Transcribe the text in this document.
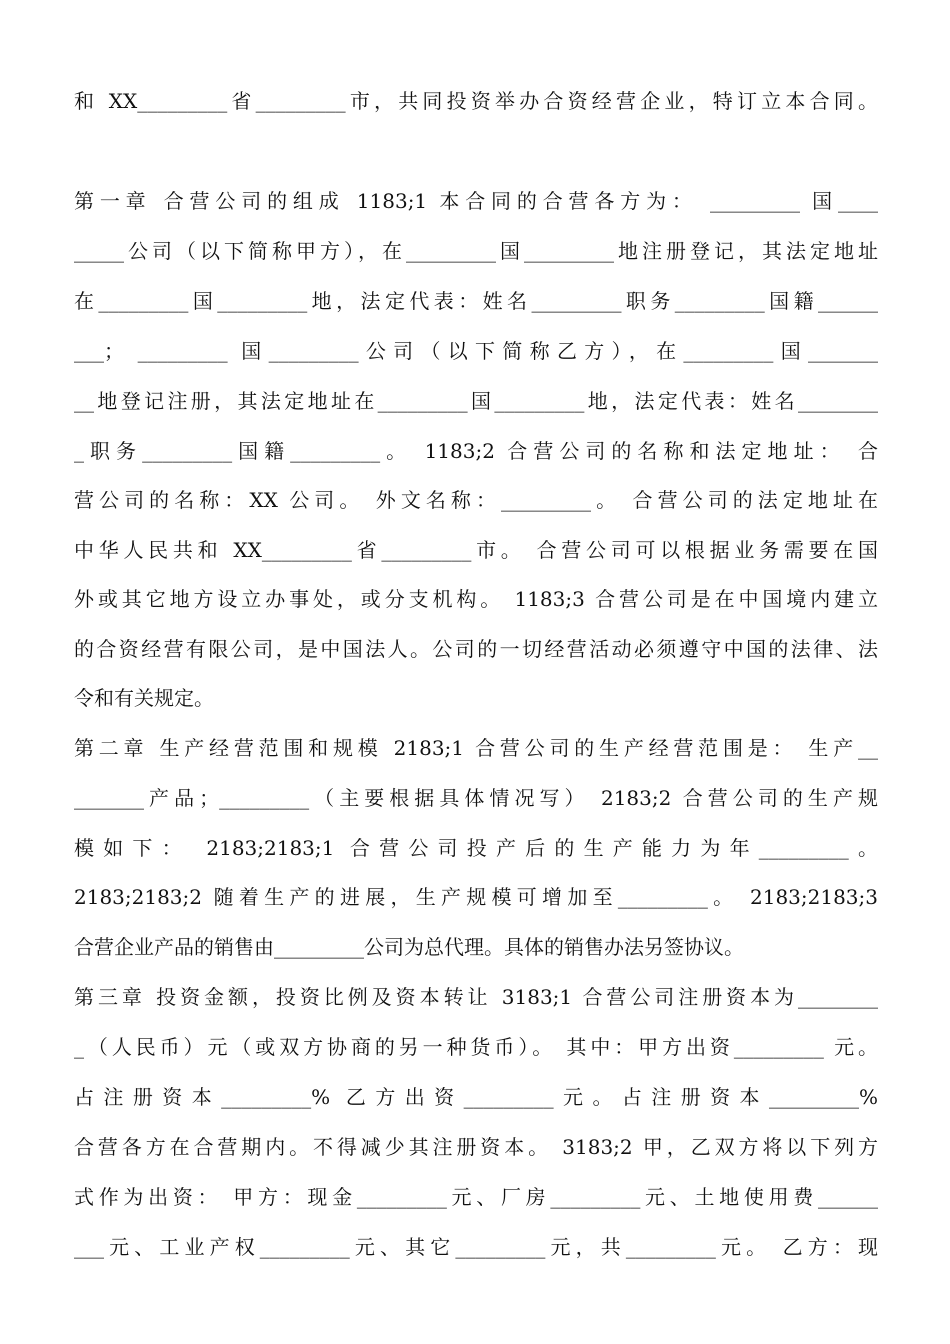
和 XX_________省_________市，共同投资举办合资经营企业，特订立本合同。
第一章 合营公司的组成 1183;1 本合同的合营各方为： _________ 国____
_____公司（以下简称甲方），在_________国_________地注册登记，其法定地址
在_________国_________地，法定代表：姓名_________职务_________国籍______
___； _________ 国_________公司（以下简称乙方），在_________国_______
__地登记注册，其法定地址在_________国_________地，法定代表：姓名________
_职务_________国籍_________。 1183;2 合营公司的名称和法定地址： 合
营公司的名称：XX 公司。 外文名称：_________。 合营公司的法定地址在
中华人民共和 XX_________省_________市。 合营公司可以根据业务需要在国
外或其它地方设立办事处，或分支机构。 1183;3 合营公司是在中国境内建立
的合资经营有限公司，是中国法人。公司的一切经营活动必须遵守中国的法律、法
令和有关规定。
第二章 生产经营范围和规模 2183;1 合营公司的生产经营范围是： 生产__
_______产品；_________（主要根据具体情况写） 2183;2 合营公司的生产规
模如下： 2183;2183;1 合营公司投产后的生产能力为年_________。
2183;2183;2 随着生产的进展，生产规模可增加至_________。 2183;2183;3
合营企业产品的销售由_________公司为总代理。具体的销售办法另签协议。
第三章 投资金额，投资比例及资本转让 3183;1 合营公司注册资本为________
_（人民币）元（或双方协商的另一种货币）。 其中：甲方出资_________ 元。
占注册资本_________% 乙方出资_________元。占注册资本_________%
合营各方在合营期内。不得减少其注册资本。 3183;2 甲，乙双方将以下列方
式作为出资： 甲方：现金_________元、厂房_________元、土地使用费______
___元、工业产权_________元、其它_________元，共_________元。 乙方：现
